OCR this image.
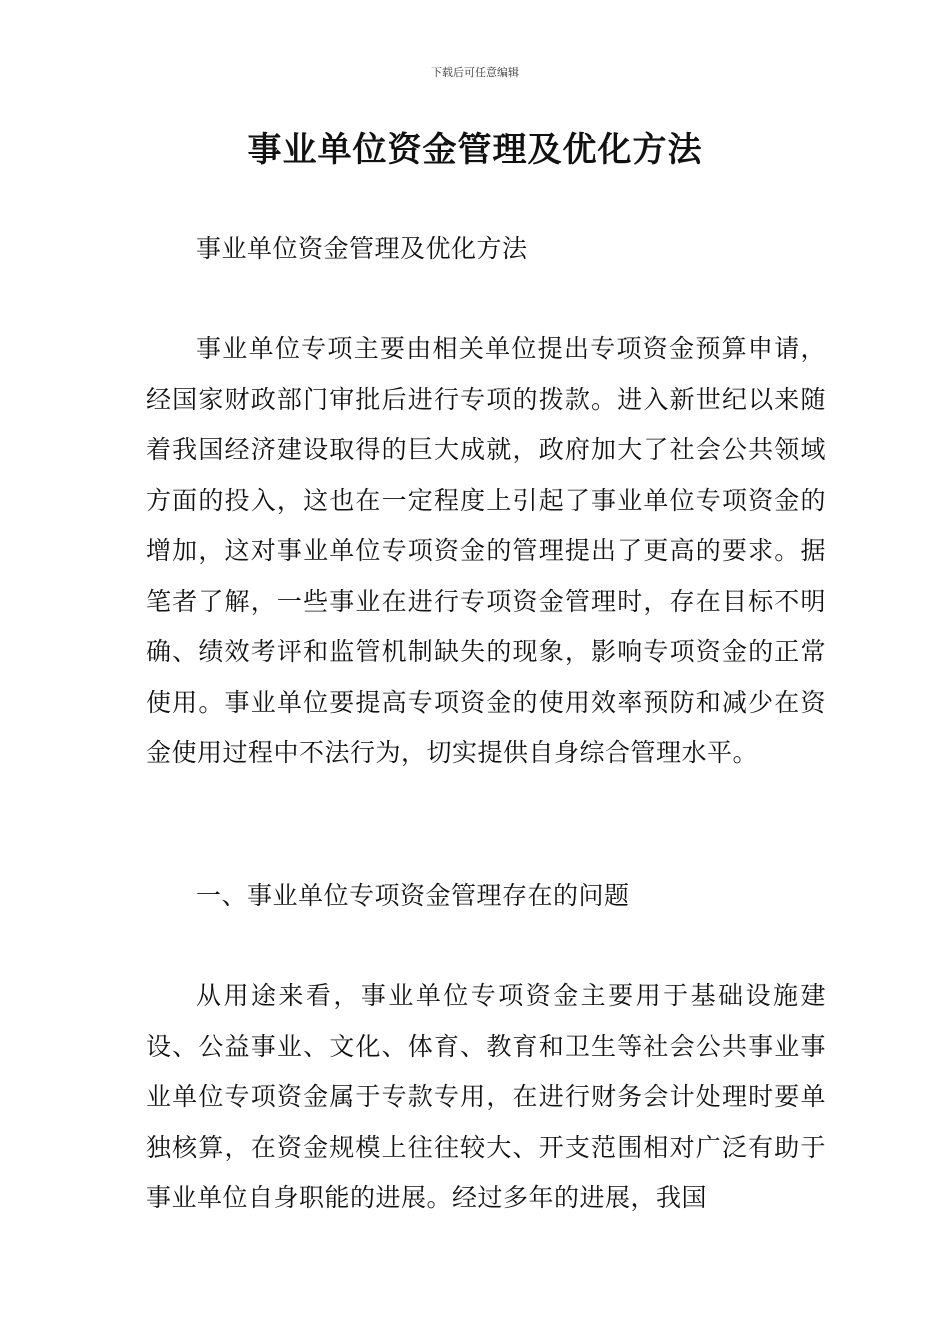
下载后可任意编辑
事业单位资金管理及优化方法

事业单位资金管理及优化方法

事业单位专项主要由相关单位提出专项资金预算申请，经国家财政部门审批后进行专项的拨款。进入新世纪以来随着我国经济建设取得的巨大成就，政府加大了社会公共领域方面的投入，这也在一定程度上引起了事业单位专项资金的增加，这对事业单位专项资金的管理提出了更高的要求。据笔者了解，一些事业在进行专项资金管理时，存在目标不明确、绩效考评和监管机制缺失的现象，影响专项资金的正常使用。事业单位要提高专项资金的使用效率预防和减少在资金使用过程中不法行为，切实提供自身综合管理水平。

一、事业单位专项资金管理存在的问题

从用途来看，事业单位专项资金主要用于基础设施建设、公益事业、文化、体育、教育和卫生等社会公共事业事业单位专项资金属于专款专用，在进行财务会计处理时要单独核算，在资金规模上往往较大、开支范围相对广泛有助于事业单位自身职能的进展。经过多年的进展，我国
